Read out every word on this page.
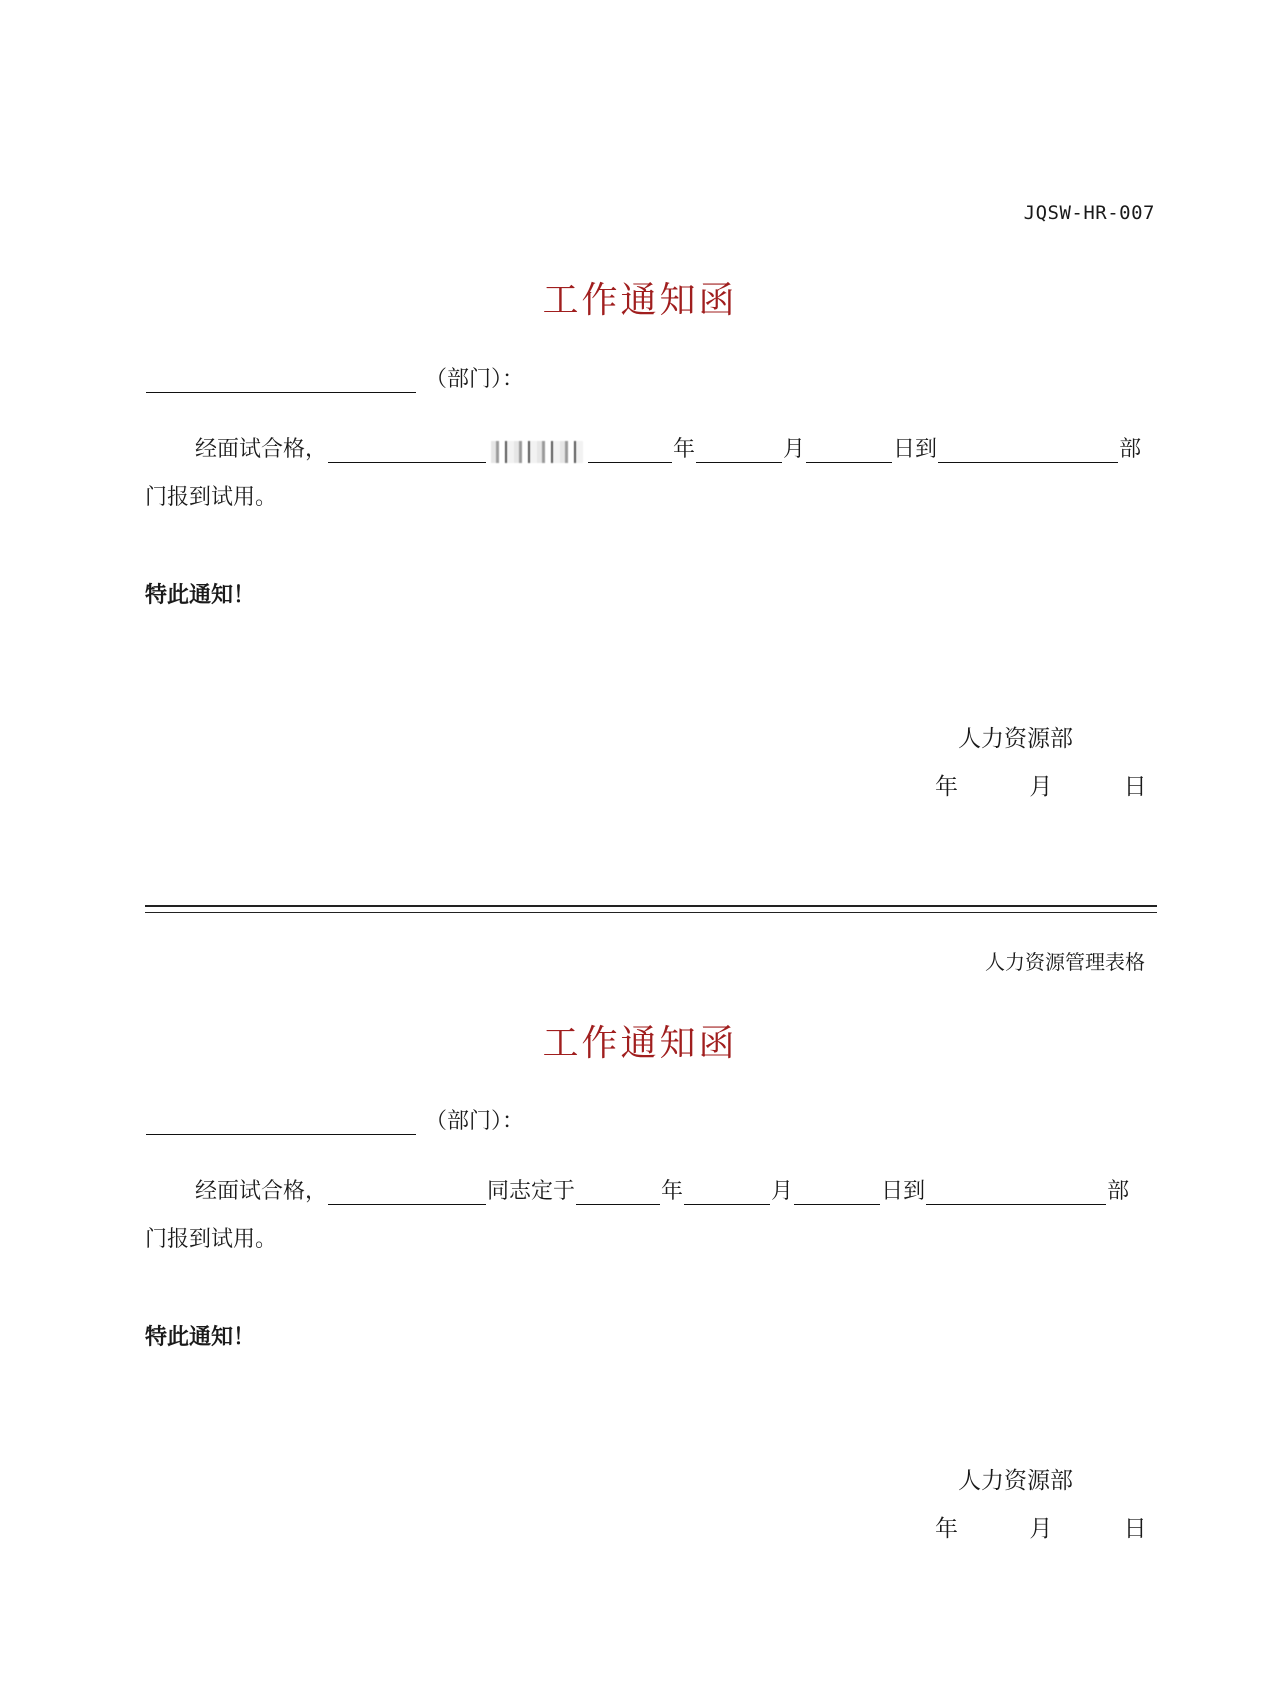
JQSW-HR-007
工作通知函
（部门）：
经面试合格，	年	月	日到	部
门报到试用。
特此通知！
人力资源部
年	月	日
人力资源管理表格
工作通知函
（部门）：
经面试合格，	同志定于	年	月	日到	部
门报到试用。
特此通知！
人力资源部
年	月	日
